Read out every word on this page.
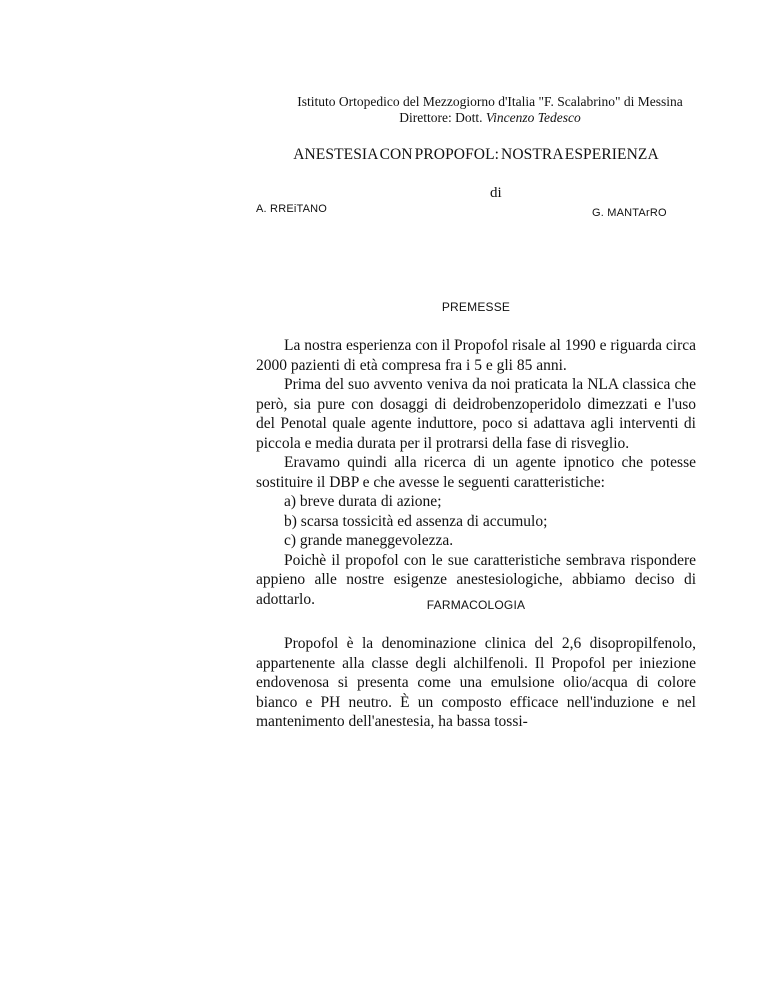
Istituto Ortopedico del Mezzogiorno d'Italia "F. Scalabrino" di Messina
Direttore: Dott. Vincenzo Tedesco
ANESTESIA CON PROPOFOL: NOSTRA ESPERIENZA
di
A. RREiTANO	G. MANTArRO
PREMESSE

La nostra esperienza con il Propofol risale al 1990 e riguarda circa 2000 pazienti di età compresa fra i 5 e gli 85 anni.

Prima del suo avvento veniva da noi praticata la NLA classica che però, sia pure con dosaggi di deidrobenzoperidolo dimezzati e l'uso del Penotal quale agente induttore, poco si adattava agli interventi di piccola e media durata per il protrarsi della fase di risveglio.

Eravamo quindi alla ricerca di un agente ipnotico che potesse sostituire il DBP e che avesse le seguenti caratteristiche:

a) breve durata di azione;
b) scarsa tossicità ed assenza di accumulo;
c) grande maneggevolezza.

Poichè il propofol con le sue caratteristiche sembrava rispondere appieno alle nostre esigenze anestesiologiche, abbiamo deciso di adottarlo.	FARMACOLOGIA

Propofol è la denominazione clinica del 2,6 disopropilfenolo, appartenente alla classe degli alchilfenoli. Il Propofol per iniezione endovenosa si presenta come una emulsione olio/acqua di colore bianco e PH neutro. È un composto efficace nell'induzione e nel mantenimento dell'anestesia, ha bassa tossi-
